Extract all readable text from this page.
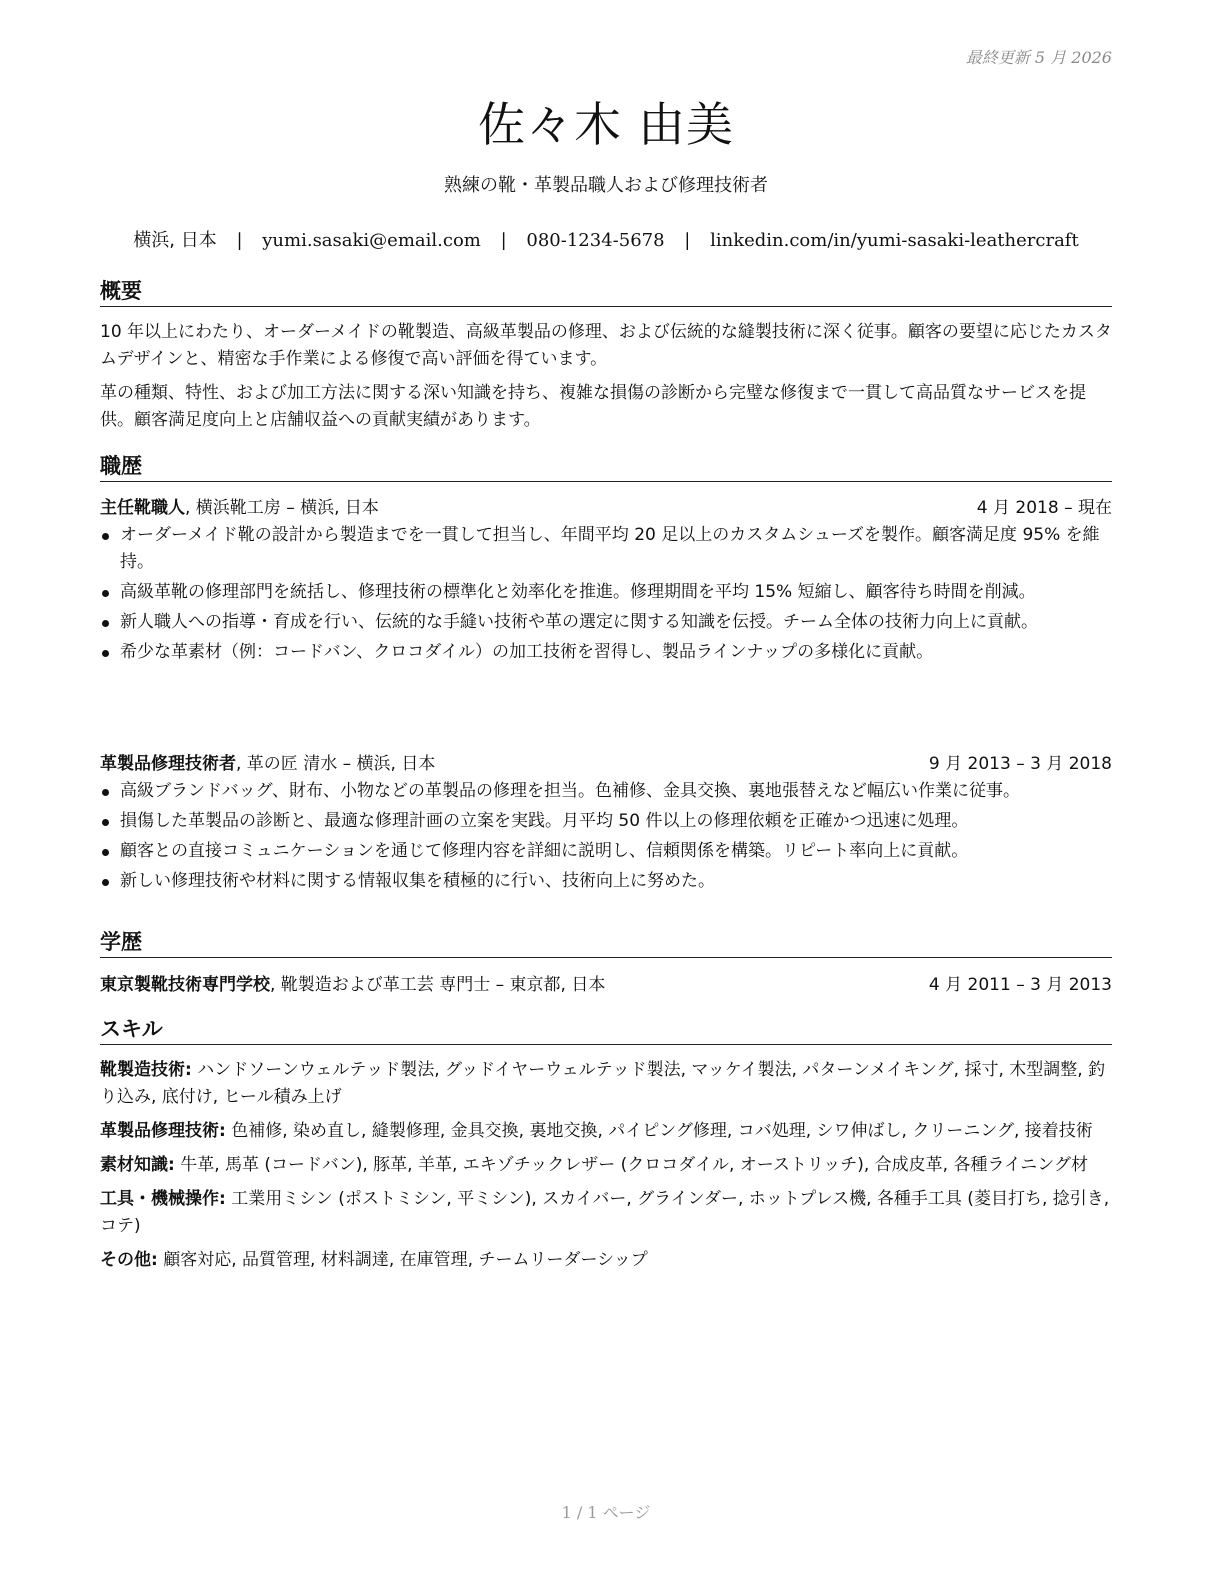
最終更新 5 月 2026
佐々木 由美
熟練の靴・革製品職人および修理技術者
横浜, 日本 | yumi.sasaki@email.com | 080-1234-5678 | linkedin.com/in/yumi-sasaki-leathercraft
概要

10 年以上にわたり、オーダーメイドの靴製造、高級革製品の修理、および伝統的な縫製技術に深く従事。顧客の要望に応じたカスタムデザインと、精密な手作業による修復で高い評価を得ています。

革の種類、特性、および加工方法に関する深い知識を持ち、複雑な損傷の診断から完璧な修復まで一貫して高品質なサービスを提供。顧客満足度向上と店舗収益への貢献実績があります。

職歴
主任靴職人, 横浜靴工房 – 横浜, 日本	4 月 2018 – 現在
オーダーメイド靴の設計から製造までを一貫して担当し、年間平均 20 足以上のカスタムシューズを製作。顧客満足度 95% を維持。
高級革靴の修理部門を統括し、修理技術の標準化と効率化を推進。修理期間を平均 15% 短縮し、顧客待ち時間を削減。
新人職人への指導・育成を行い、伝統的な手縫い技術や革の選定に関する知識を伝授。チーム全体の技術力向上に貢献。
希少な革素材（例：コードバン、クロコダイル）の加工技術を習得し、製品ラインナップの多様化に貢献。
革製品修理技術者, 革の匠 清水 – 横浜, 日本	9 月 2013 – 3 月 2018
高級ブランドバッグ、財布、小物などの革製品の修理を担当。色補修、金具交換、裏地張替えなど幅広い作業に従事。
損傷した革製品の診断と、最適な修理計画の立案を実践。月平均 50 件以上の修理依頼を正確かつ迅速に処理。
顧客との直接コミュニケーションを通じて修理内容を詳細に説明し、信頼関係を構築。リピート率向上に貢献。
新しい修理技術や材料に関する情報収集を積極的に行い、技術向上に努めた。
学歴
東京製靴技術専門学校, 靴製造および革工芸 専門士 – 東京都, 日本	4 月 2011 – 3 月 2013
スキル
靴製造技術: ハンドソーンウェルテッド製法, グッドイヤーウェルテッド製法, マッケイ製法, パターンメイキング, 採寸, 木型調整, 釣り込み, 底付け, ヒール積み上げ
革製品修理技術: 色補修, 染め直し, 縫製修理, 金具交換, 裏地交換, パイピング修理, コバ処理, シワ伸ばし, クリーニング, 接着技術
素材知識: 牛革, 馬革 (コードバン), 豚革, 羊革, エキゾチックレザー (クロコダイル, オーストリッチ), 合成皮革, 各種ライニング材
工具・機械操作: 工業用ミシン (ポストミシン, 平ミシン), スカイバー, グラインダー, ホットプレス機, 各種手工具 (菱目打ち, 捻引き, コテ)
その他: 顧客対応, 品質管理, 材料調達, 在庫管理, チームリーダーシップ
1 / 1 ページ
